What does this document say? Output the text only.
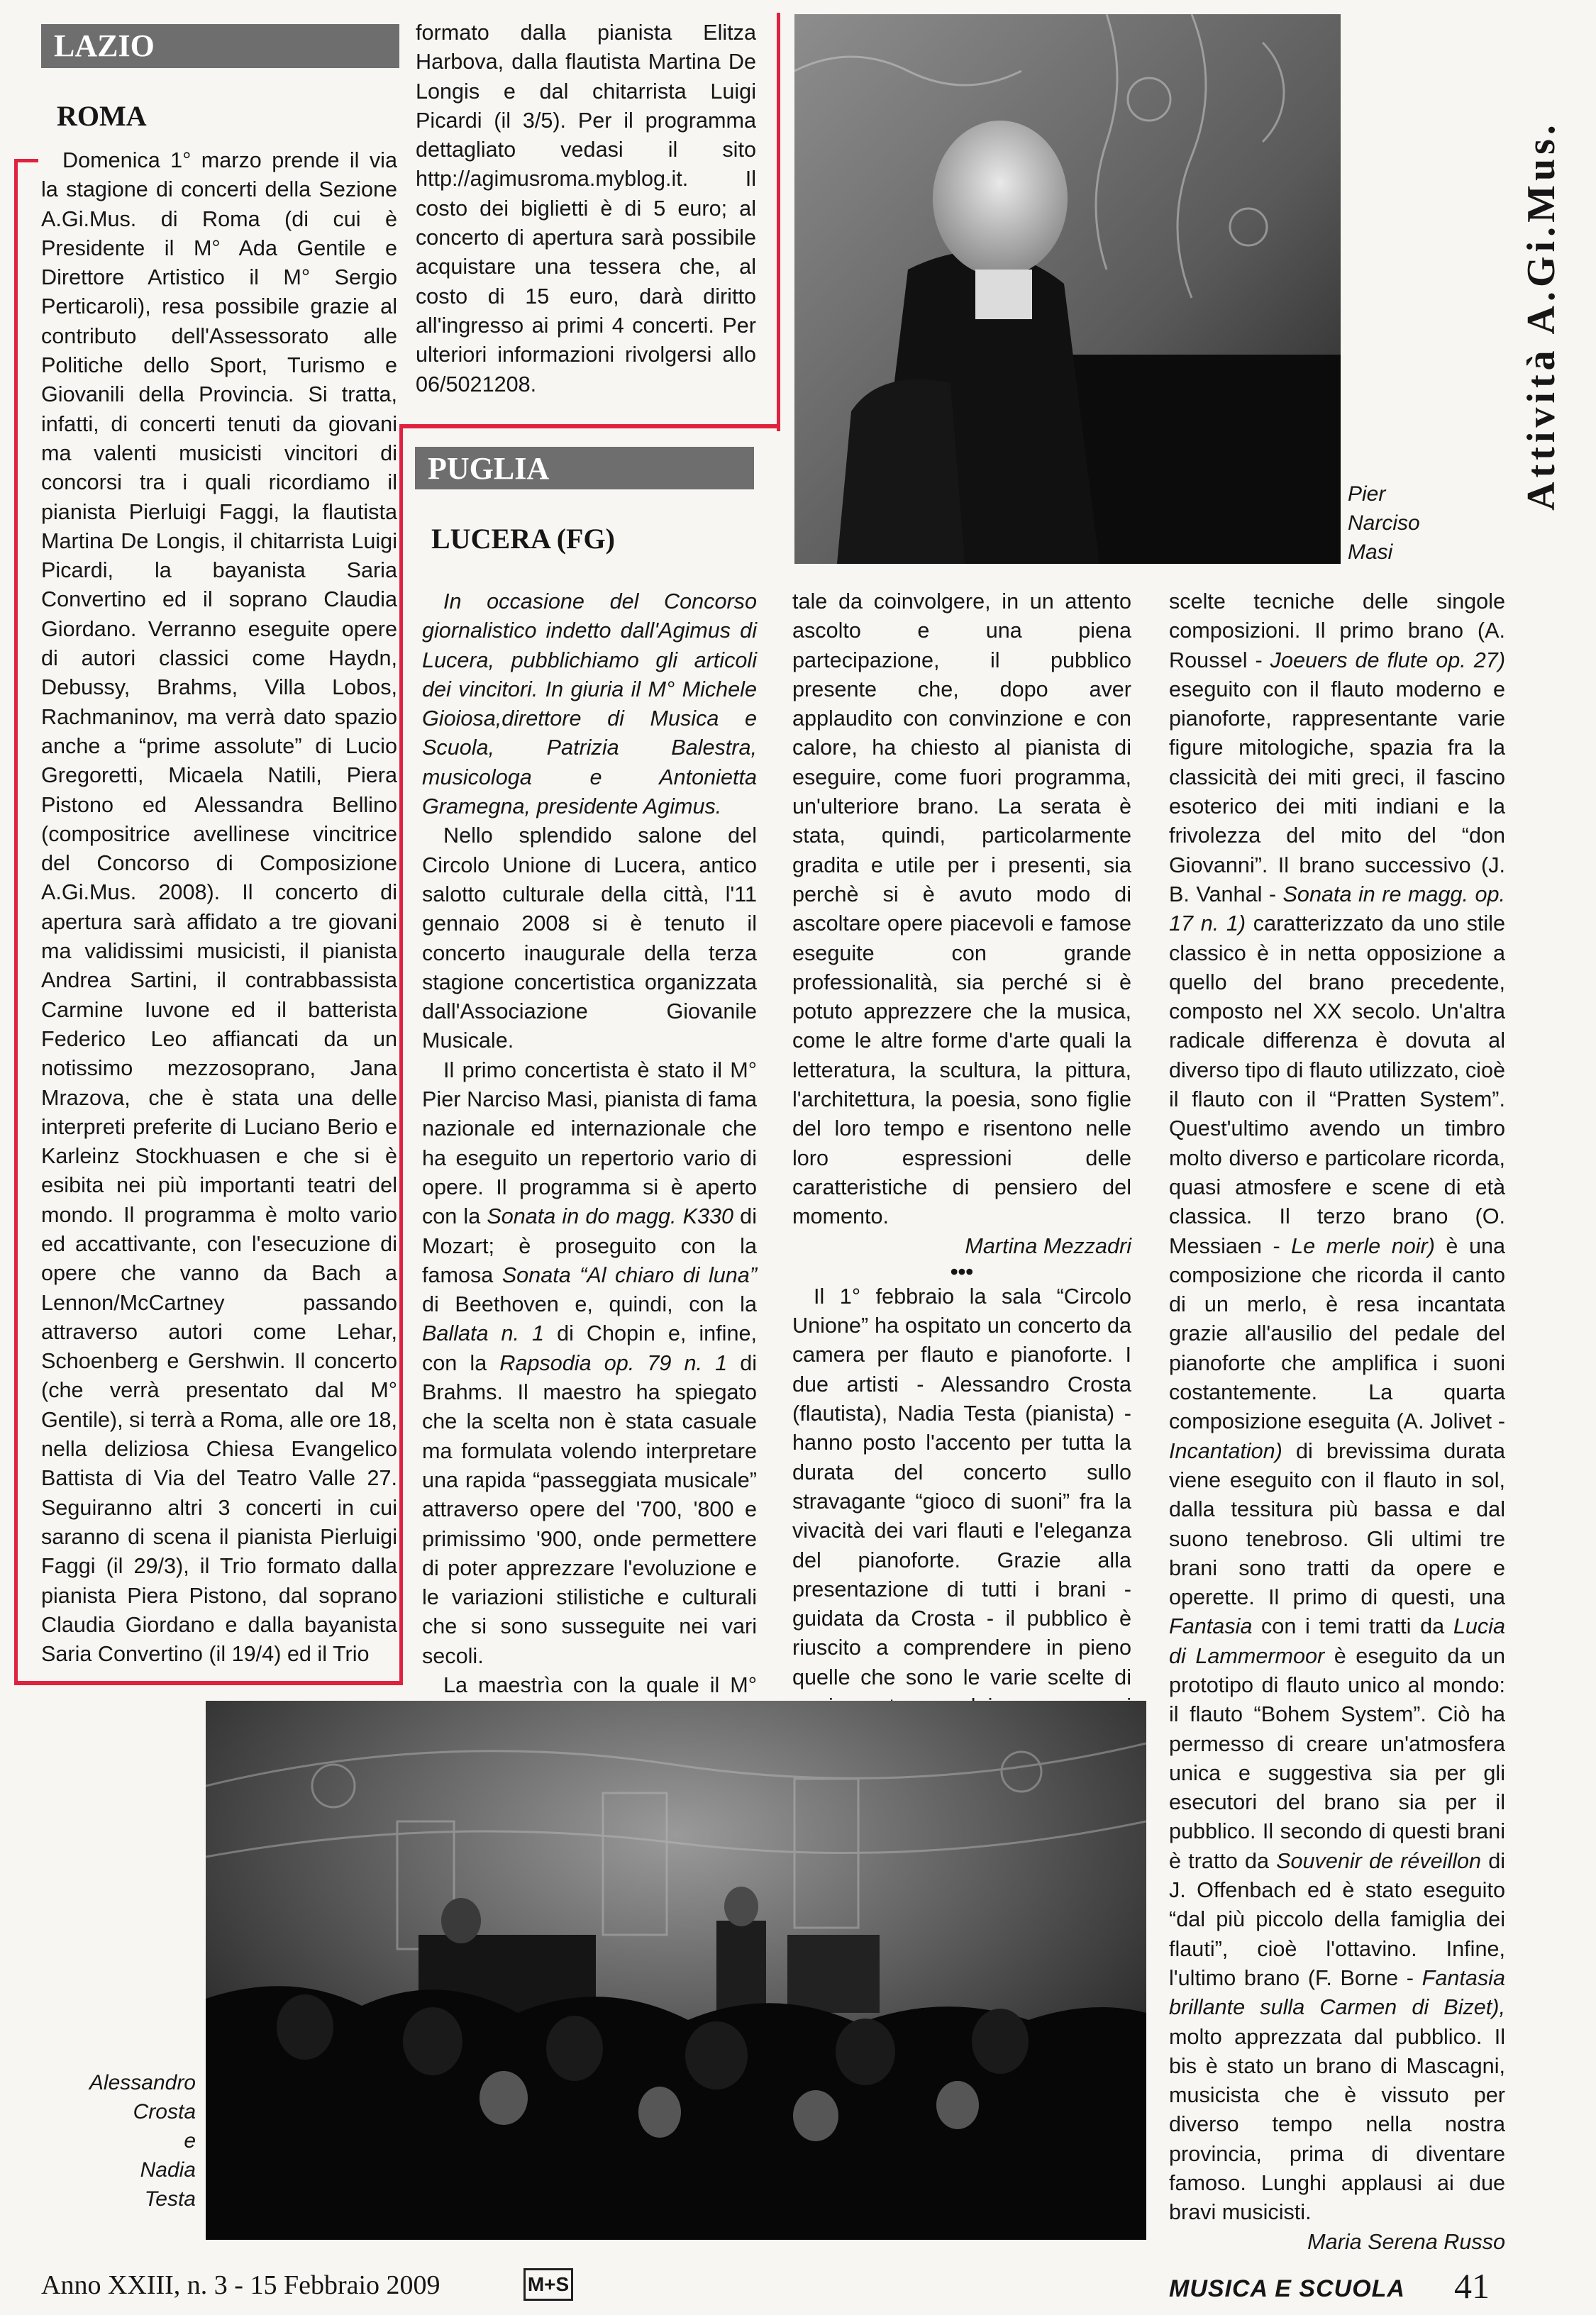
LAZIO
ROMA

Domenica 1° marzo prende il via la stagione di concerti della Sezione A.Gi.Mus. di Roma (di cui è Presidente il M° Ada Gentile e Direttore Artistico il M° Sergio Perticaroli), resa possibile grazie al contributo dell'Assessorato alle Politiche dello Sport, Turismo e Giovanili della Provincia. Si tratta, infatti, di concerti tenuti da giovani ma valenti musicisti vincitori di concorsi tra i quali ricordiamo il pianista Pierluigi Faggi, la flautista Martina De Longis, il chitarrista Luigi Picardi, la bayanista Saria Convertino ed il soprano Claudia Giordano. Verranno eseguite opere di autori classici come Haydn, Debussy, Brahms, Villa Lobos, Rachmaninov, ma verrà dato spazio anche a “prime assolute” di Lucio Gregoretti, Micaela Natili, Piera Pistono ed Alessandra Bellino (compositrice avellinese vincitrice del Concorso di Composizione A.Gi.Mus. 2008). Il concerto di apertura sarà affidato a tre giovani ma validissimi musicisti, il pianista Andrea Sartini, il contrabbassista Carmine Iuvone ed il batterista Federico Leo affiancati da un notissimo mezzosoprano, Jana Mrazova, che è stata una delle interpreti preferite di Luciano Berio e Karleinz Stockhuasen e che si è esibita nei più importanti teatri del mondo. Il programma è molto vario ed accattivante, con l'esecuzione di opere che vanno da Bach a Lennon/McCartney passando attraverso autori come Lehar, Schoenberg e Gershwin. Il concerto (che verrà presentato dal M° Gentile), si terrà a Roma, alle ore 18, nella deliziosa Chiesa Evangelico Battista di Via del Teatro Valle 27. Seguiranno altri 3 concerti in cui saranno di scena il pianista Pierluigi Faggi (il 29/3), il Trio formato dalla pianista Piera Pistono, dal soprano Claudia Giordano e dalla bayanista Saria Convertino (il 19/4) ed il Trio

formato dalla pianista Elitza Harbova, dalla flautista Martina De Longis e dal chitarrista Luigi Picardi (il 3/5). Per il programma dettagliato vedasi il sito http://agimusroma.myblog.it. Il costo dei biglietti è di 5 euro; al concerto di apertura sarà possibile acquistare una tessera che, al costo di 15 euro, darà diritto all'ingresso ai primi 4 concerti. Per ulteriori informazioni rivolgersi allo 06/5021208.

PUGLIA
LUCERA (FG)

In occasione del Concorso giornalistico indetto dall'Agimus di Lucera, pubblichiamo gli articoli dei vincitori. In giuria il M° Michele Gioiosa,direttore di Musica e Scuola, Patrizia Balestra, musicologa e Antonietta Gramegna, presidente Agimus.

Nello splendido salone del Circolo Unione di Lucera, antico salotto culturale della città, l'11 gennaio 2008 si è tenuto il concerto inaugurale della terza stagione concertistica organizzata dall'Associazione Giovanile Musicale.

Il primo concertista è stato il M° Pier Narciso Masi, pianista di fama nazionale ed internazionale che ha eseguito un repertorio vario di opere. Il programma si è aperto con la Sonata in do magg. K330 di Mozart; è proseguito con la famosa Sonata “Al chiaro di luna” di Beethoven e, quindi, con la Ballata n. 1 di Chopin e, infine, con la Rapsodia op. 79 n. 1 di Brahms. Il maestro ha spiegato che la scelta non è stata casuale ma formulata volendo interpretare una rapida “passeggiata musicale” attraverso opere del '700, '800 e primissimo '900, onde permettere di poter apprezzare l'evoluzione e le variazioni stilistiche e culturali che si sono susseguite nei vari secoli.

La maestrìa con la quale il M°

tale da coinvolgere, in un attento ascolto e una piena partecipazione, il pubblico presente che, dopo aver applaudito con convinzione e con calore, ha chiesto al pianista di eseguire, come fuori programma, un'ulteriore brano. La serata è stata, quindi, particolarmente gradita e utile per i presenti, sia perchè si è avuto modo di ascoltare opere piacevoli e famose eseguite con grande professionalità, sia perché si è potuto apprezzere che la musica, come le altre forme d'arte quali la letteratura, la scultura, la pittura, l'architettura, la poesia, sono figlie del loro tempo e risentono nelle loro espressioni delle caratteristiche di pensiero del momento.

Martina Mezzadri

•••

Il 1° febbraio la sala “Circolo Unione” ha ospitato un concerto da camera per flauto e pianoforte. I due artisti - Alessandro Crosta (flautista), Nadia Testa (pianista) - hanno posto l'accento per tutta la durata del concerto sullo stravagante “gioco di suoni” fra la vivacità dei vari flauti e l'eleganza del pianoforte. Grazie alla presentazione di tutti i brani - guidata da Crosta - il pubblico è riuscito a comprendere in pieno quelle che sono le varie scelte di

scelte tecniche delle singole composizioni. Il primo brano (A. Roussel - Joeuers de flute op. 27) eseguito con il flauto moderno e pianoforte, rappresentante varie figure mitologiche, spazia fra la classicità dei miti greci, il fascino esoterico dei miti indiani e la frivolezza del mito del “don Giovanni”. Il brano successivo (J. B. Vanhal - Sonata in re magg. op. 17 n. 1) caratterizzato da uno stile classico è in netta opposizione a quello del brano precedente, composto nel XX secolo. Un'altra radicale differenza è dovuta al diverso tipo di flauto utilizzato, cioè il flauto con il “Pratten System”. Quest'ultimo avendo un timbro molto diverso e particolare ricorda, quasi atmosfere e scene di età classica. Il terzo brano (O. Messiaen - Le merle noir) è una composizione che ricorda il canto di un merlo, è resa incantata grazie all'ausilio del pedale del pianoforte che amplifica i suoni costantemente. La quarta composizione eseguita (A. Jolivet - Incantation) di brevissima durata viene eseguito con il flauto in sol, dalla tessitura più bassa e dal suono tenebroso. Gli ultimi tre brani sono tratti da opere e operette. Il primo di questi, una Fantasia con i temi tratti da Lucia di Lammermoor è eseguito da un prototipo di flauto unico al mondo: il flauto “Bohem System”. Ciò ha permesso di creare un'atmosfera unica e suggestiva sia per gli esecutori del brano sia per il pubblico. Il secondo di questi brani è tratto da Souvenir de réveillon di J. Offenbach ed è stato eseguito “dal più piccolo della famiglia dei flauti”, cioè l'ottavino. Infine, l'ultimo brano (F. Borne - Fantasia brillante sulla Carmen di Bizet), molto apprezzata dal pubblico. Il bis è stato un brano di Mascagni, musicista che è vissuto per diverso tempo nella nostra provincia, prima di diventare famoso. Lunghi applausi ai due bravi musicisti.

Maria Serena Russo

Pier
Narciso
Masi
Attività A.Gi.Mus.
Alessandro
Crosta
e
Nadia
Testa
Anno XXIII, n. 3 - 15 Febbraio 2009	M+S	MUSICA E SCUOLA 41
